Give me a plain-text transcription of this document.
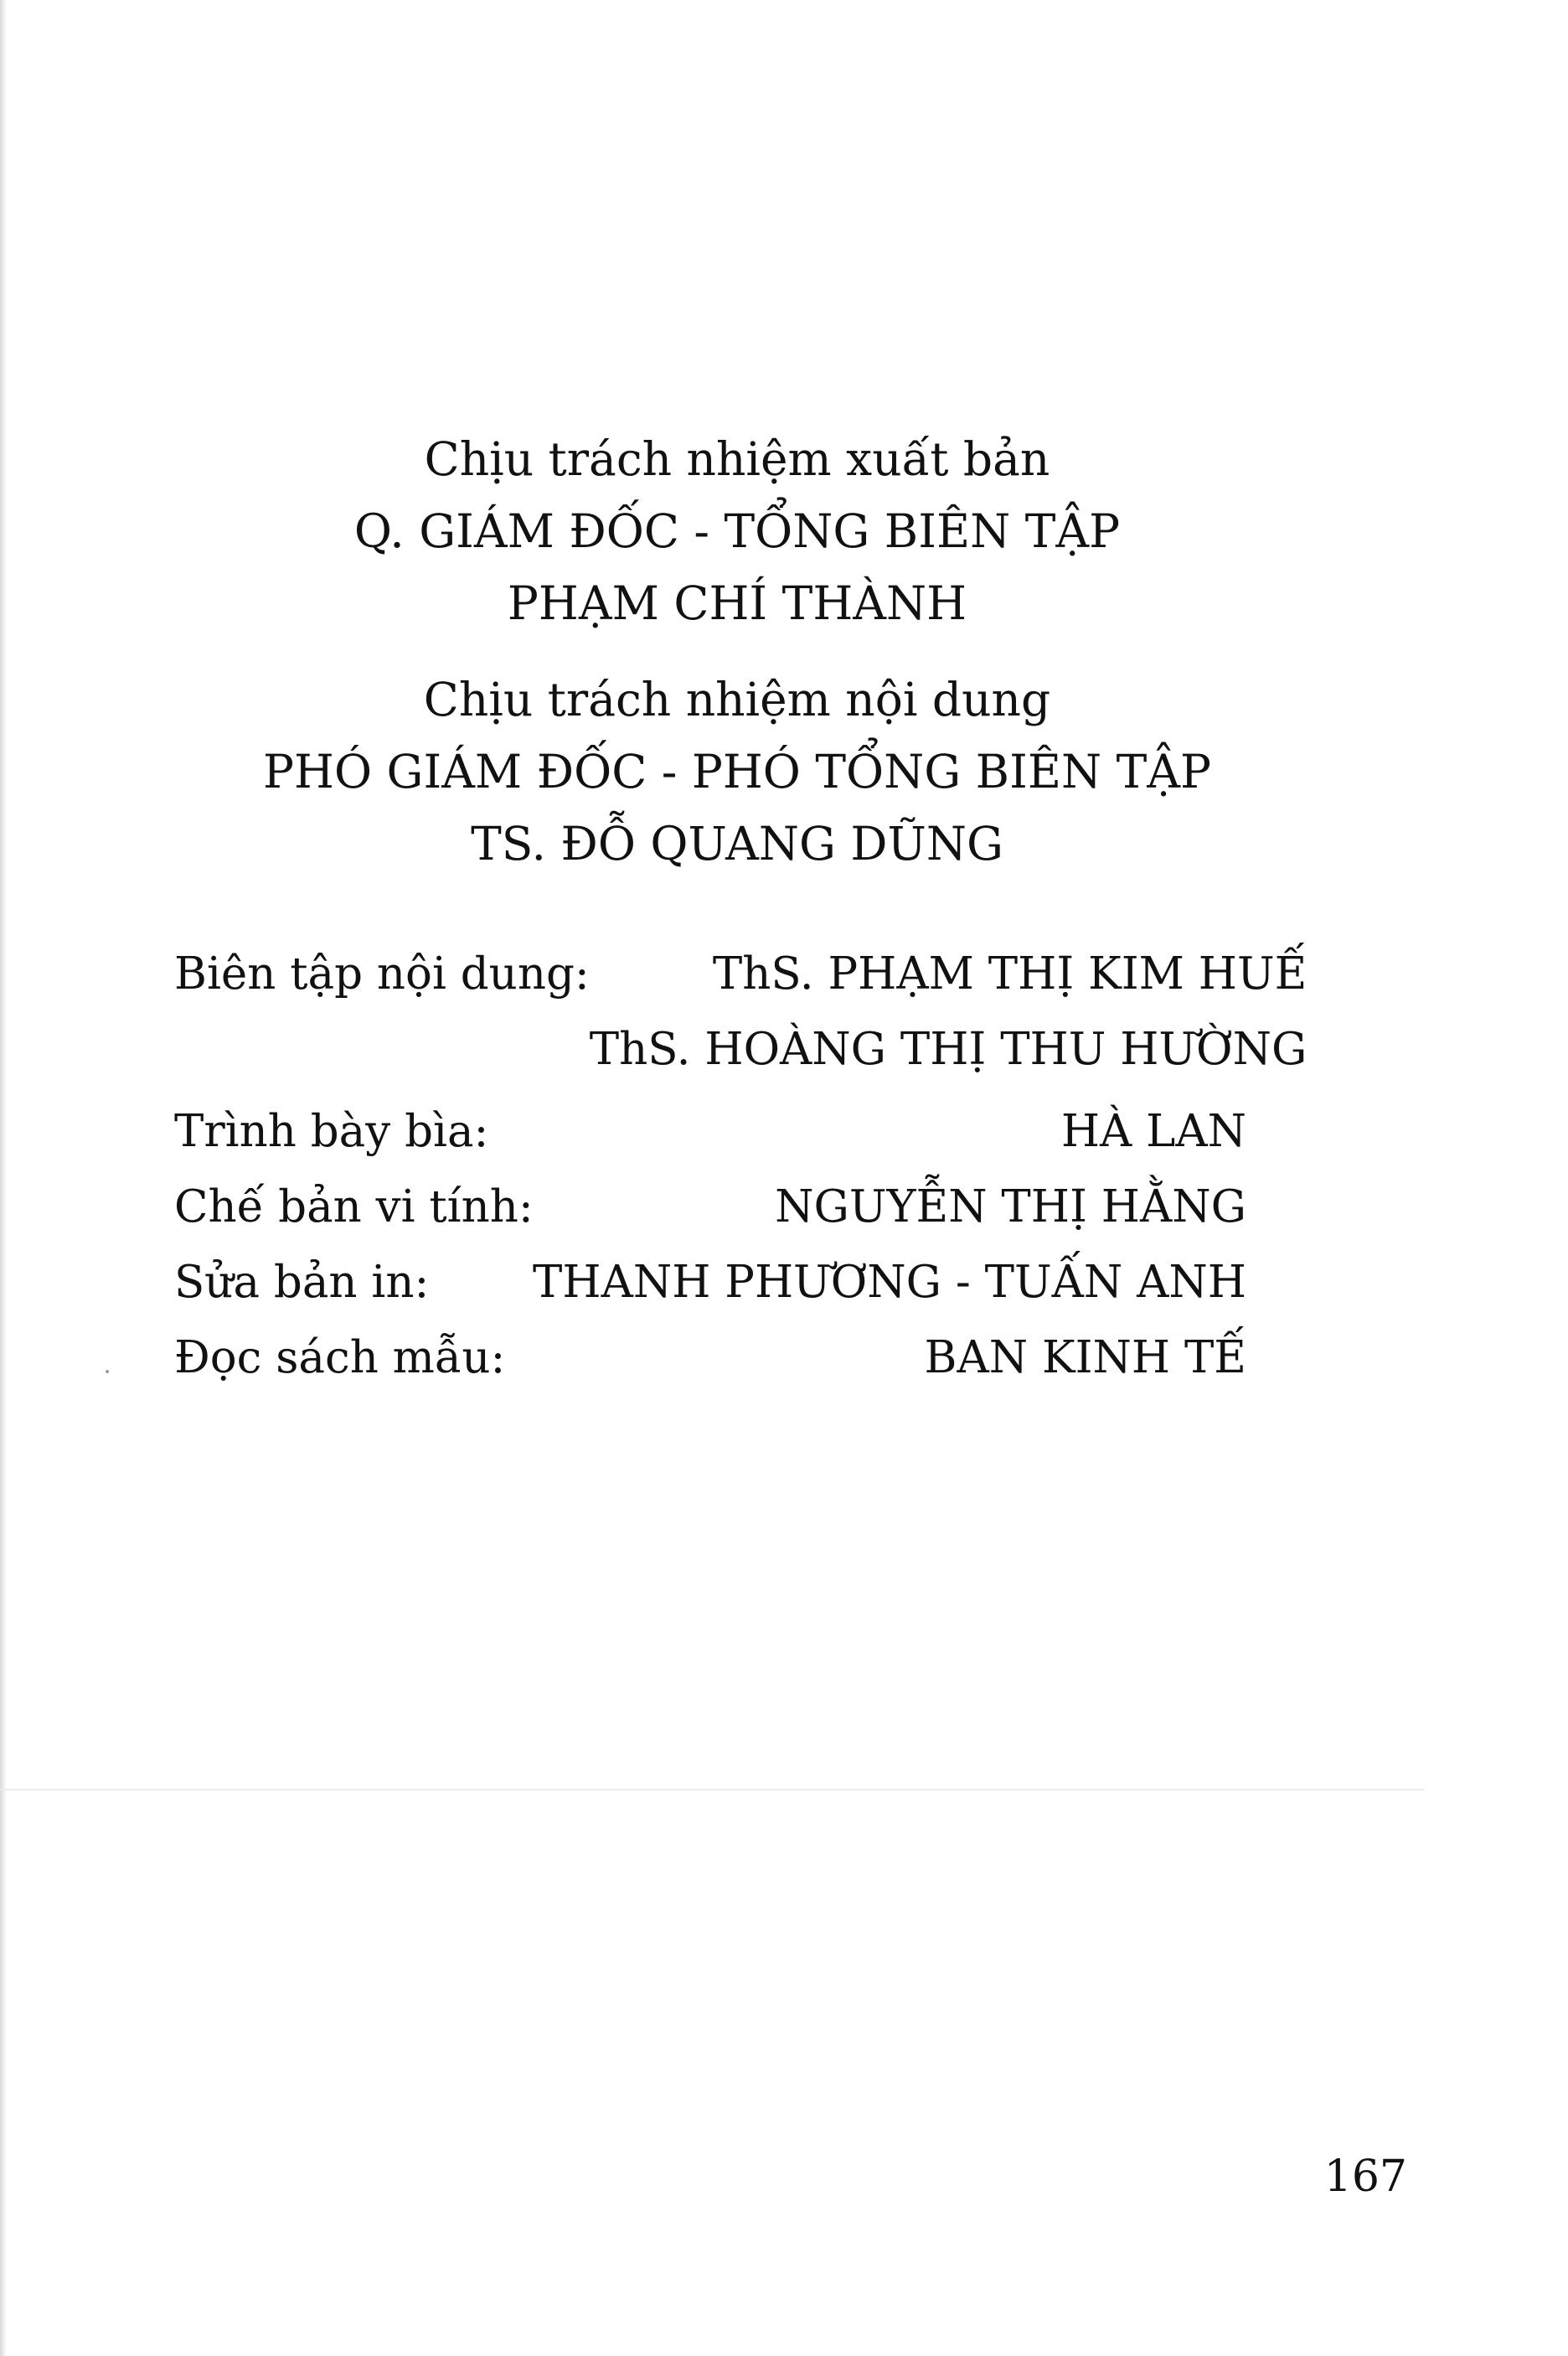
Chịu trách nhiệm xuất bản
Q. GIÁM ĐỐC - TỔNG BIÊN TẬP
PHẠM CHÍ THÀNH
Chịu trách nhiệm nội dung
PHÓ GIÁM ĐỐC - PHÓ TỔNG BIÊN TẬP
TS. ĐỖ QUANG DŨNG
Biên tập nội dung:	ThS. PHẠM THỊ KIM HUẾ
ThS. HOÀNG THỊ THU HƯỜNG
Trình bày bìa:	HÀ LAN
Chế bản vi tính:	NGUYỄN THỊ HẰNG
Sửa bản in: THANH PHƯƠNG - TUẤN ANH
Đọc sách mẫu:	BAN KINH TẾ
167
